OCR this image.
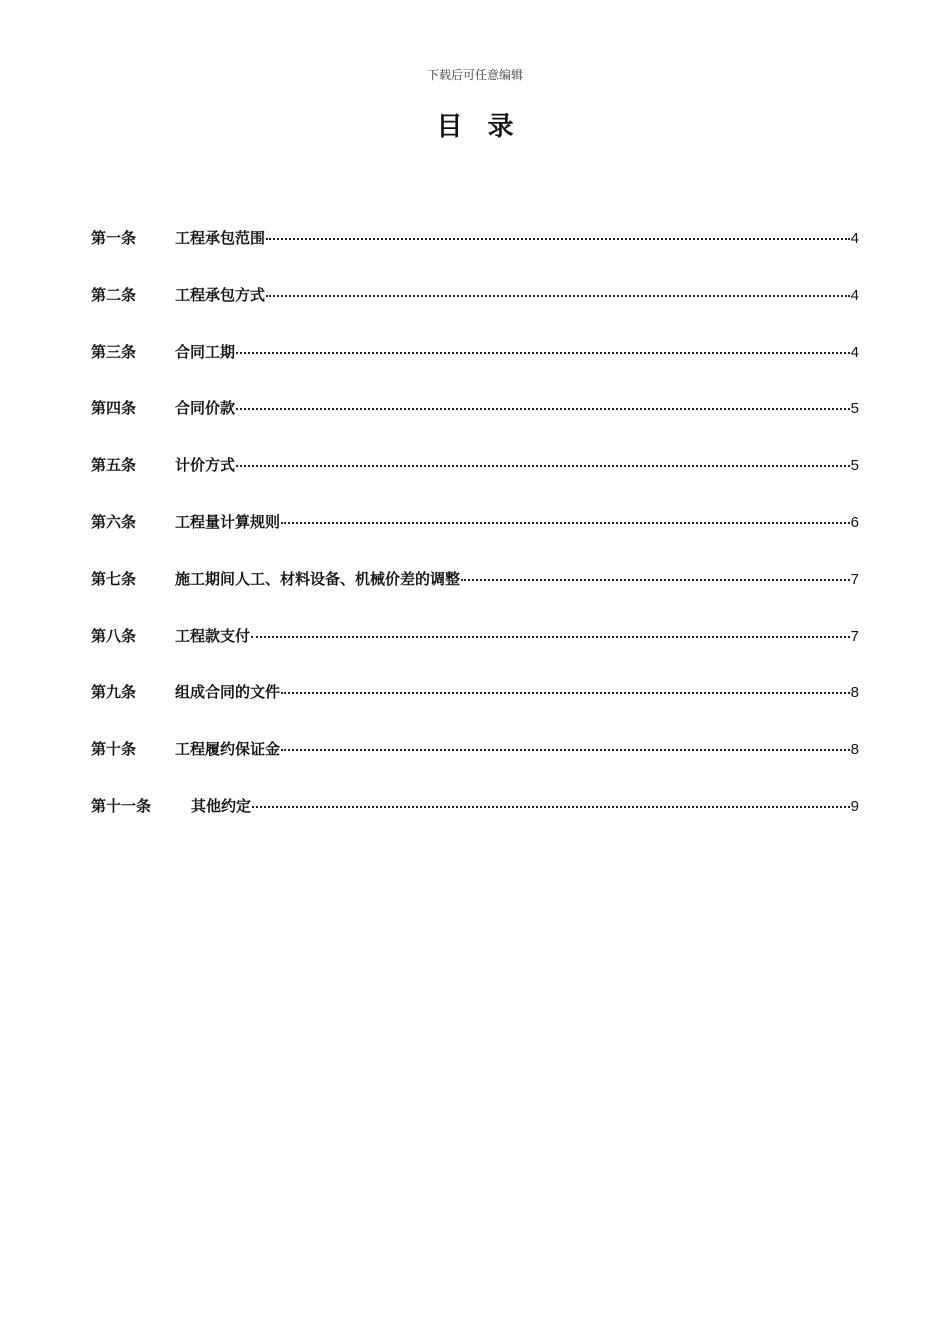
下载后可任意编辑
目 录
第一条	工程承包范围	4
第二条	工程承包方式	4
第三条	合同工期	4
第四条	合同价款	5
第五条	计价方式	5
第六条	工程量计算规则	6
第七条	施工期间人工、材料设备、机械价差的调整	7
第八条	工程款支付	7
第九条	组成合同的文件	8
第十条	工程履约保证金	8
第十一条	其他约定	9
